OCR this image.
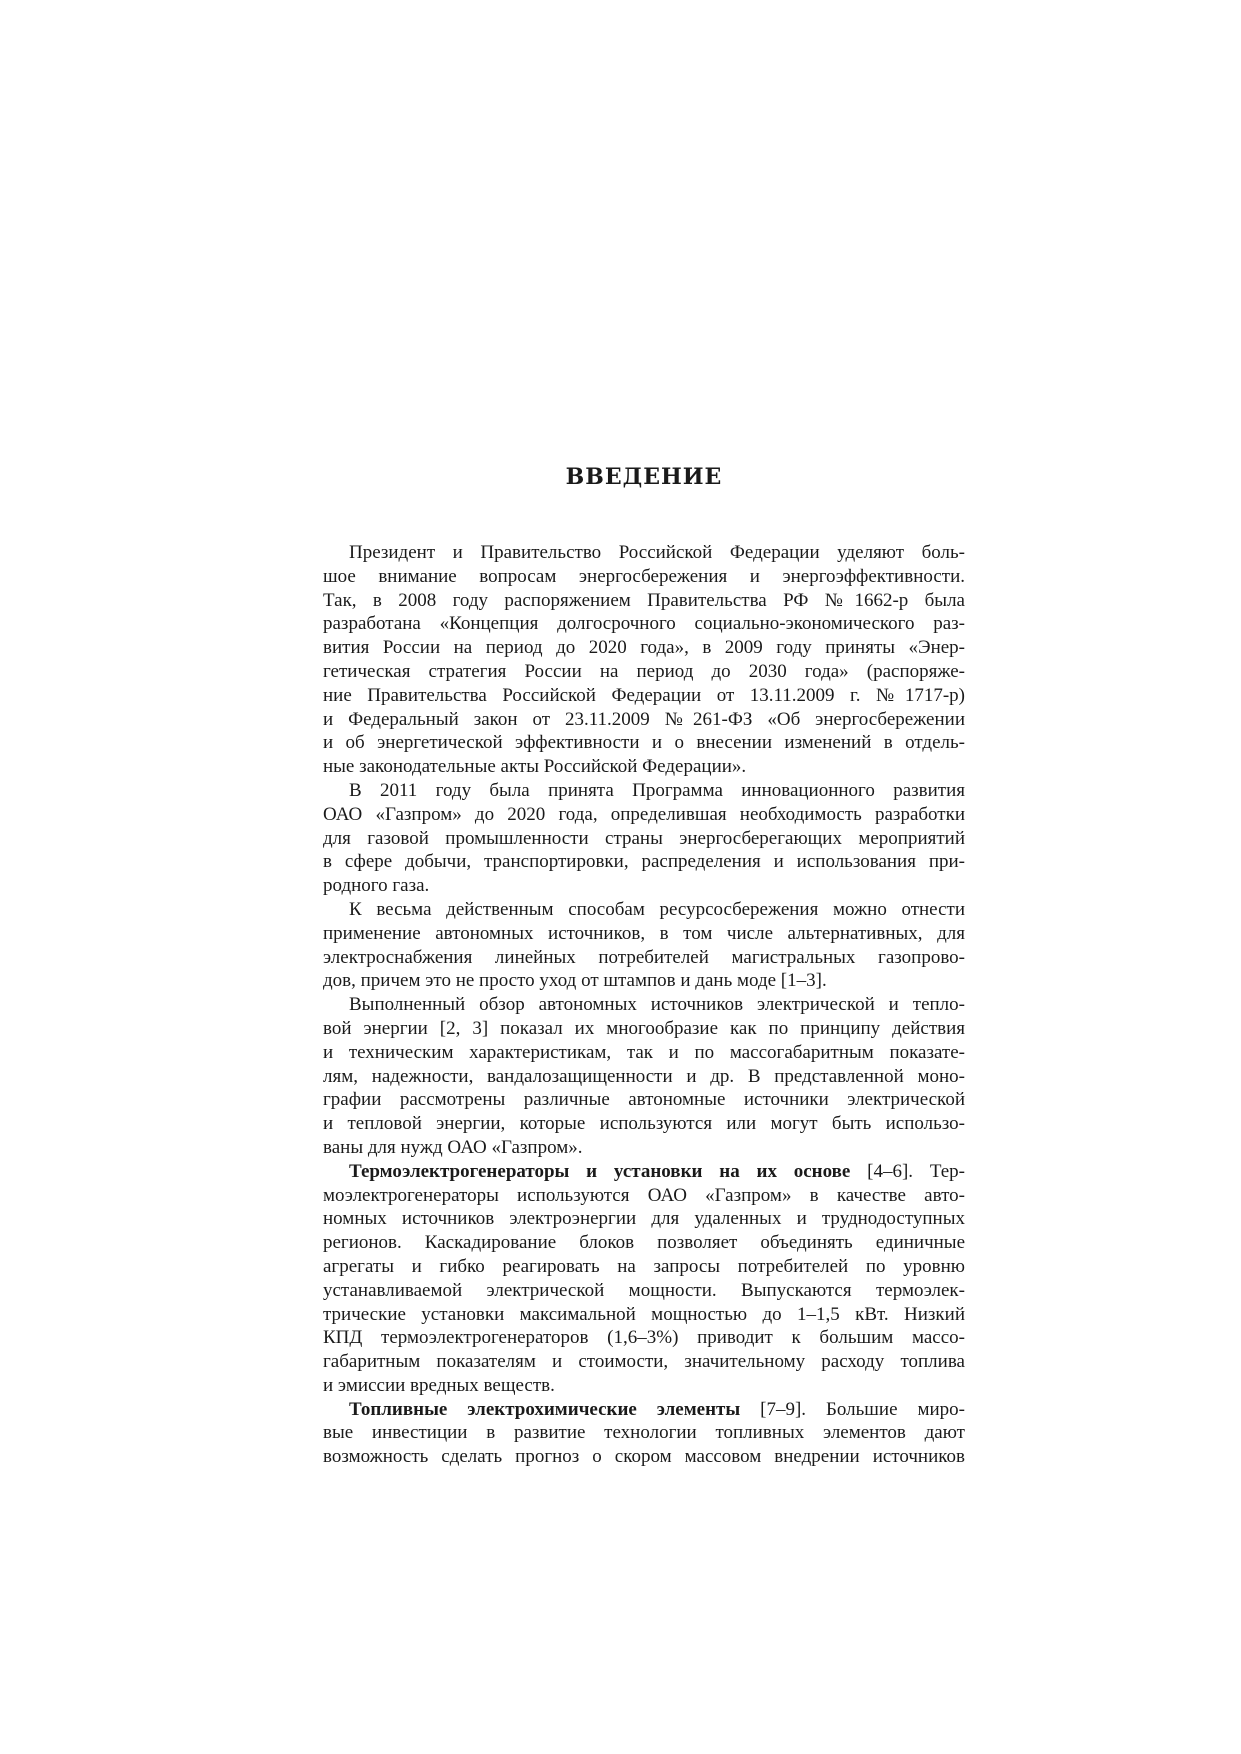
ВВЕДЕНИЕ

Президент и Правительство Российской Федерации уделяют боль-
шое внимание вопросам энергосбережения и энергоэффективности.
Так, в 2008 году распоряжением Правительства РФ №1662-р была
разработана «Концепция долгосрочного социально-экономического раз-
вития России на период до 2020 года», в 2009 году приняты «Энер-
гетическая стратегия России на период до 2030 года» (распоряже-
ние Правительства Российской Федерации от 13.11.2009 г. №1717-р)
и Федеральный закон от 23.11.2009 №261-ФЗ «Об энергосбережении
и об энергетической эффективности и о внесении изменений в отдель-
ные законодательные акты Российской Федерации».

В 2011 году была принята Программа инновационного развития
ОАО «Газпром» до 2020 года, определившая необходимость разработки
для газовой промышленности страны энергосберегающих мероприятий
в сфере добычи, транспортировки, распределения и использования при-
родного газа.

К весьма действенным способам ресурсосбережения можно отнести
применение автономных источников, в том числе альтернативных, для
электроснабжения линейных потребителей магистральных газопрово-
дов, причем это не просто уход от штампов и дань моде [1–3].

Выполненный обзор автономных источников электрической и тепло-
вой энергии [2, 3] показал их многообразие как по принципу действия
и техническим характеристикам, так и по массогабаритным показате-
лям, надежности, вандалозащищенности и др. В представленной моно-
графии рассмотрены различные автономные источники электрической
и тепловой энергии, которые используются или могут быть использо-
ваны для нужд ОАО «Газпром».

Термоэлектрогенераторы и установки на их основе [4–6]. Тер-
моэлектрогенераторы используются ОАО «Газпром» в качестве авто-
номных источников электроэнергии для удаленных и труднодоступных
регионов. Каскадирование блоков позволяет объединять единичные
агрегаты и гибко реагировать на запросы потребителей по уровню
устанавливаемой электрической мощности. Выпускаются термоэлек-
трические установки максимальной мощностью до 1–1,5 кВт. Низкий
КПД термоэлектрогенераторов (1,6–3%) приводит к большим массо-
габаритным показателям и стоимости, значительному расходу топлива
и эмиссии вредных веществ.

Топливные электрохимические элементы [7–9]. Большие миро-
вые инвестиции в развитие технологии топливных элементов дают
возможность сделать прогноз о скором массовом внедрении источников
